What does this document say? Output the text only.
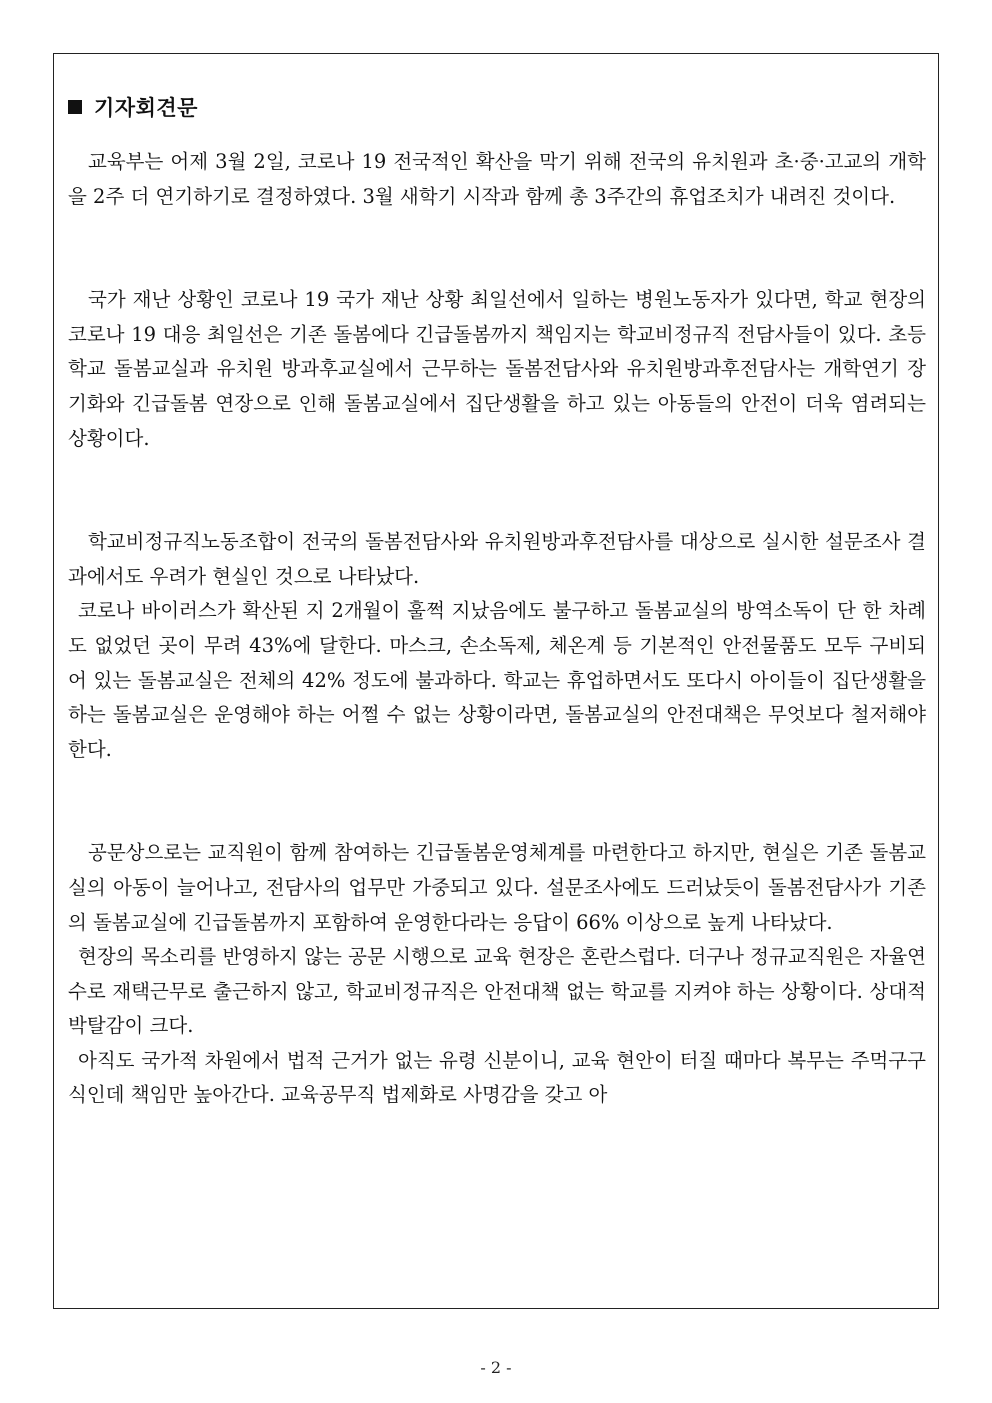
기자회견문

교육부는 어제 3월 2일, 코로나 19 전국적인 확산을 막기 위해 전국의 유치원과 초·중·고교의 개학을 2주 더 연기하기로 결정하였다. 3월 새학기 시작과 함께 총 3주간의 휴업조치가 내려진 것이다.

국가 재난 상황인 코로나 19 국가 재난 상황 최일선에서 일하는 병원노동자가 있다면, 학교 현장의 코로나 19 대응 최일선은 기존 돌봄에다 긴급돌봄까지 책임지는 학교비정규직 전담사들이 있다. 초등학교 돌봄교실과 유치원 방과후교실에서 근무하는 돌봄전담사와 유치원방과후전담사는 개학연기 장기화와 긴급돌봄 연장으로 인해 돌봄교실에서 집단생활을 하고 있는 아동들의 안전이 더욱 염려되는 상황이다.

학교비정규직노동조합이 전국의 돌봄전담사와 유치원방과후전담사를 대상으로 실시한 설문조사 결과에서도 우려가 현실인 것으로 나타났다.

코로나 바이러스가 확산된 지 2개월이 훌쩍 지났음에도 불구하고 돌봄교실의 방역소독이 단 한 차례도 없었던 곳이 무려 43%에 달한다. 마스크, 손소독제, 체온계 등 기본적인 안전물품도 모두 구비되어 있는 돌봄교실은 전체의 42% 정도에 불과하다. 학교는 휴업하면서도 또다시 아이들이 집단생활을 하는 돌봄교실은 운영해야 하는 어쩔 수 없는 상황이라면, 돌봄교실의 안전대책은 무엇보다 철저해야 한다.

공문상으로는 교직원이 함께 참여하는 긴급돌봄운영체계를 마련한다고 하지만, 현실은 기존 돌봄교실의 아동이 늘어나고, 전담사의 업무만 가중되고 있다. 설문조사에도 드러났듯이 돌봄전담사가 기존의 돌봄교실에 긴급돌봄까지 포함하여 운영한다라는 응답이 66% 이상으로 높게 나타났다.

현장의 목소리를 반영하지 않는 공문 시행으로 교육 현장은 혼란스럽다. 더구나 정규교직원은 자율연수로 재택근무로 출근하지 않고, 학교비정규직은 안전대책 없는 학교를 지켜야 하는 상황이다. 상대적 박탈감이 크다.

아직도 국가적 차원에서 법적 근거가 없는 유령 신분이니, 교육 현안이 터질 때마다 복무는 주먹구구식인데 책임만 높아간다. 교육공무직 법제화로 사명감을 갖고 아

- 2 -
